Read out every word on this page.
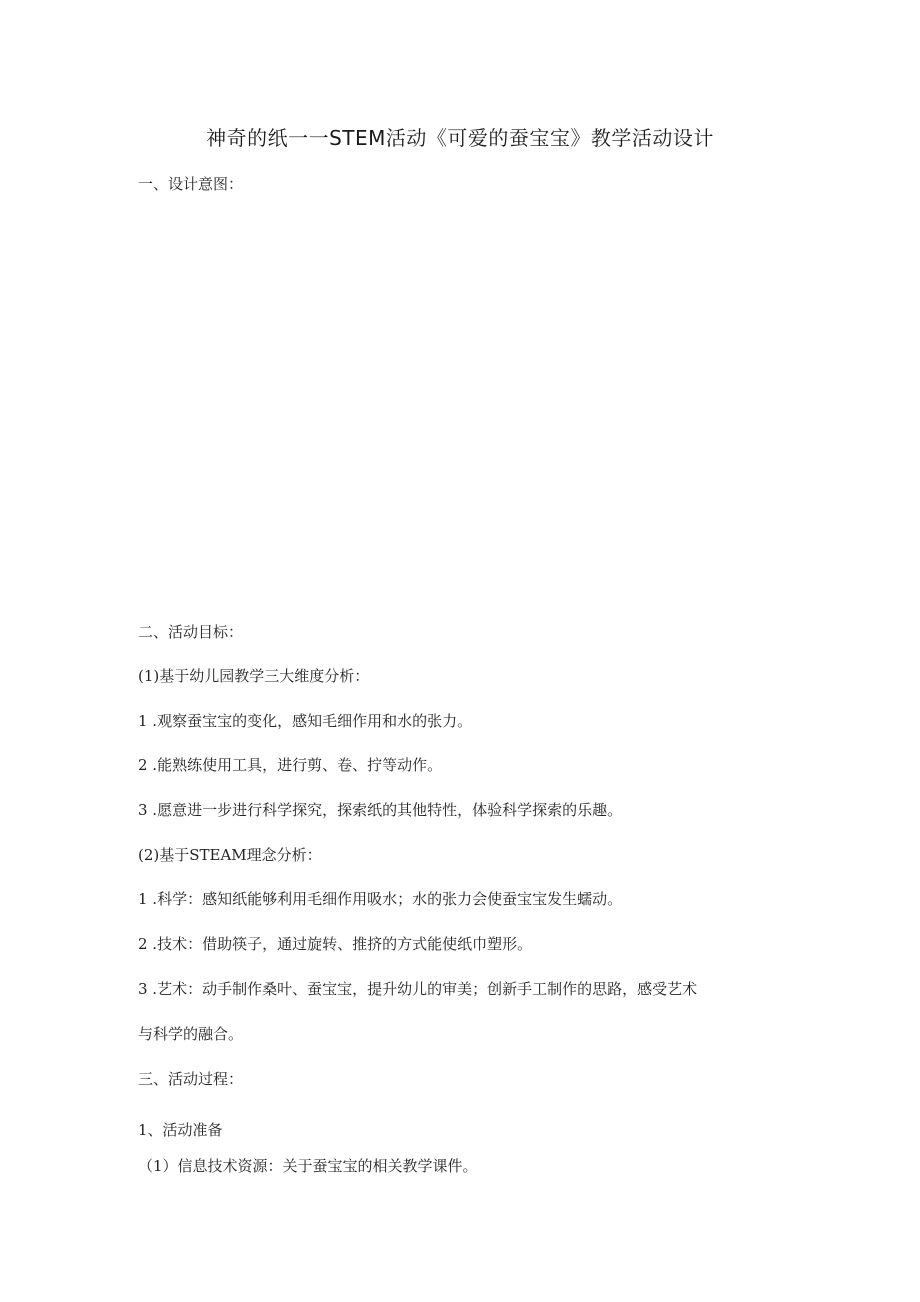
神奇的纸一一STEM活动《可爱的蚕宝宝》教学活动设计
一、设计意图：
二、活动目标：
(1)基于幼儿园教学三大维度分析：
1 .观察蚕宝宝的变化，感知毛细作用和水的张力。
2 .能熟练使用工具，进行剪、卷、拧等动作。
3 .愿意进一步进行科学探究，探索纸的其他特性，体验科学探索的乐趣。
(2)基于STEAM理念分析：
1 .科学：感知纸能够利用毛细作用吸水；水的张力会使蚕宝宝发生蠕动。
2 .技术：借助筷子，通过旋转、推挤的方式能使纸巾塑形。
3 .艺术：动手制作桑叶、蚕宝宝，提升幼儿的审美；创新手工制作的思路，感受艺术
与科学的融合。
三、活动过程：
1、活动准备
（1）信息技术资源：关于蚕宝宝的相关教学课件。
